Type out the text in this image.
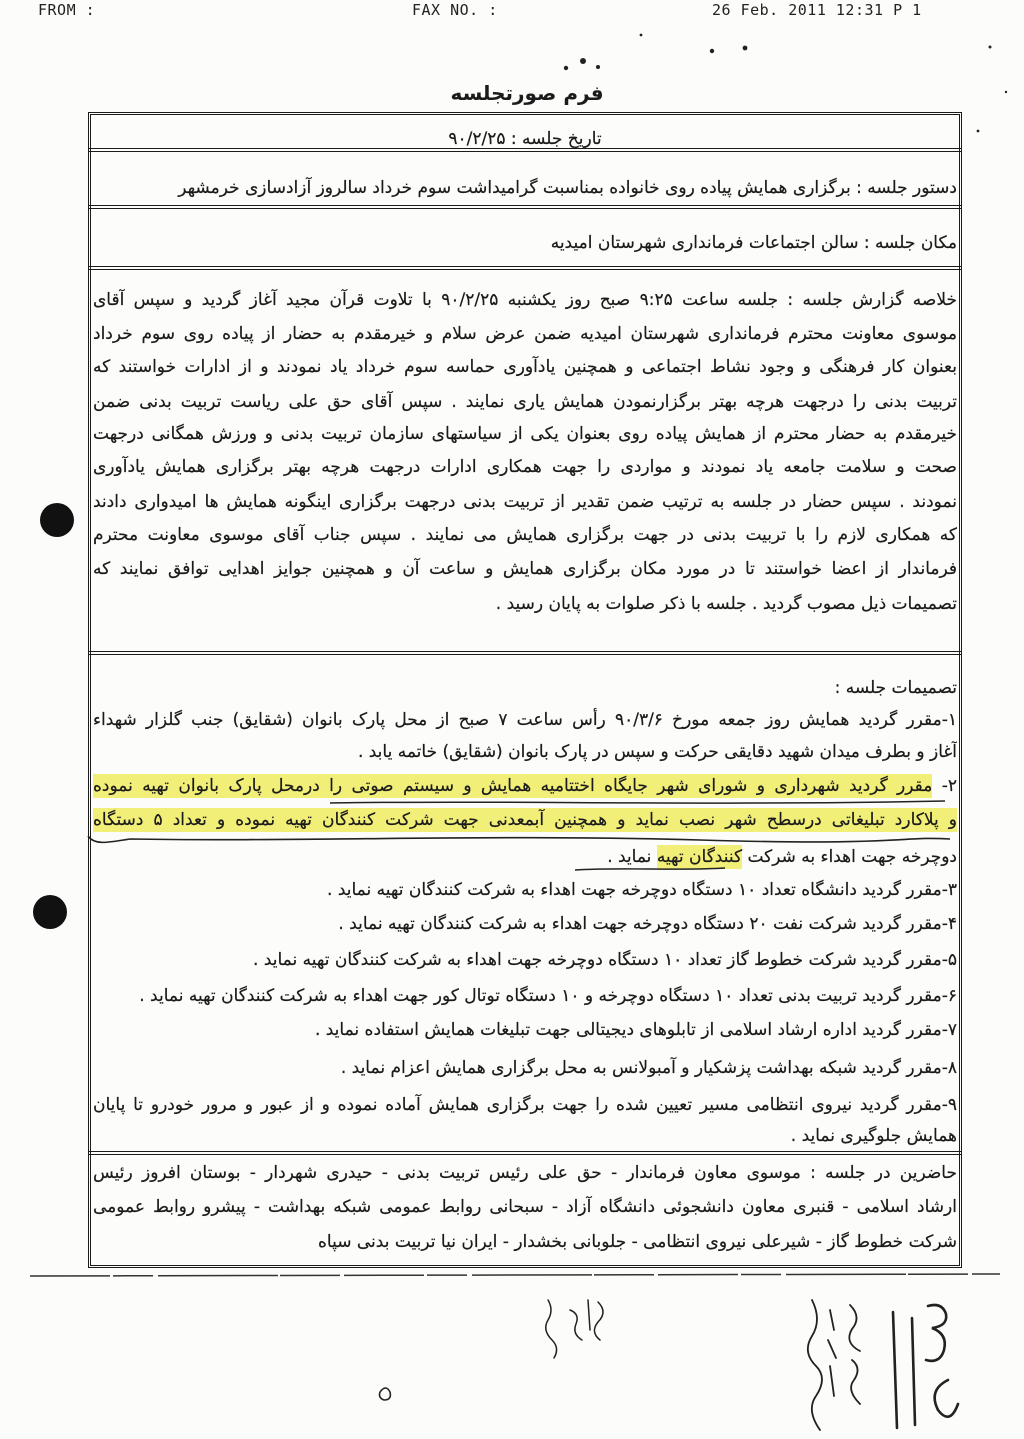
FROM :	FAX NO. :	26 Feb. 2011 12:31 P 1
فرم صورتجلسه
تاریخ جلسه : ۹۰/۲/۲۵
دستور جلسه : برگزاری همایش پیاده روی خانواده بمناسبت گرامیداشت سوم خرداد سالروز آزادسازی خرمشهر
مکان جلسه : سالن اجتماعات فرمانداری شهرستان امیدیه
خلاصه گزارش جلسه : جلسه ساعت ۹:۲۵ صبح روز یکشنبه ۹۰/۲/۲۵ با تلاوت قرآن مجید آغاز گردید و سپس آقای
موسوی معاونت محترم فرمانداری شهرستان امیدیه ضمن عرض سلام و خیرمقدم به حضار از پیاده روی سوم خرداد
بعنوان کار فرهنگی و وجود نشاط اجتماعی و همچنین یادآوری حماسه سوم خرداد یاد نمودند و از ادارات خواستند که
تربیت بدنی را درجهت هرچه بهتر برگزارنمودن همایش یاری نمایند . سپس آقای حق علی ریاست تربیت بدنی ضمن
خیرمقدم به حضار محترم از همایش پیاده روی بعنوان یکی از سیاستهای سازمان تربیت بدنی و ورزش همگانی درجهت
صحت و سلامت جامعه یاد نمودند و مواردی را جهت همکاری ادارات درجهت هرچه بهتر برگزاری همایش یادآوری
نمودند . سپس حضار در جلسه به ترتیب ضمن تقدیر از تربیت بدنی درجهت برگزاری اینگونه همایش ها امیدواری دادند
که همکاری لازم را با تربیت بدنی در جهت برگزاری همایش می نمایند . سپس جناب آقای موسوی معاونت محترم
فرماندار از اعضا خواستند تا در مورد مکان برگزاری همایش و ساعت آن و همچنین جوایز اهدایی توافق نمایند که
تصمیمات ذیل مصوب گردید . جلسه با ذکر صلوات به پایان رسید .
تصمیمات جلسه :
۱-مقرر گردید همایش روز جمعه مورخ ۹۰/۳/۶ رأس ساعت ۷ صبح از محل پارک بانوان (شقایق) جنب گلزار شهداء
آغاز و بطرف میدان شهید دقایقی حرکت و سپس در پارک بانوان (شقایق) خاتمه یابد .
۲- مقرر گردید شهرداری و شورای شهر جایگاه اختتامیه همایش و سیستم صوتی را درمحل پارک بانوان تهیه نموده
و پلاکارد تبلیغاتی درسطح شهر نصب نماید و همچنین آبمعدنی جهت شرکت کنندگان تهیه نموده و تعداد ۵ دستگاه
دوچرخه جهت اهداء به شرکت کنندگان تهیه نماید .
۳-مقرر گردید دانشگاه تعداد ۱۰ دستگاه دوچرخه جهت اهداء به شرکت کنندگان تهیه نماید .
۴-مقرر گردید شرکت نفت ۲۰ دستگاه دوچرخه جهت اهداء به شرکت کنندگان تهیه نماید .
۵-مقرر گردید شرکت خطوط گاز تعداد ۱۰ دستگاه دوچرخه جهت اهداء به شرکت کنندگان تهیه نماید .
۶-مقرر گردید تربیت بدنی تعداد ۱۰ دستگاه دوچرخه و ۱۰ دستگاه توتال کور جهت اهداء به شرکت کنندگان تهیه نماید .
۷-مقرر گردید اداره ارشاد اسلامی از تابلوهای دیجیتالی جهت تبلیغات همایش استفاده نماید .
۸-مقرر گردید شبکه بهداشت پزشکیار و آمبولانس به محل برگزاری همایش اعزام نماید .
۹-مقرر گردید نیروی انتظامی مسیر تعیین شده را جهت برگزاری همایش آماده نموده و از عبور و مرور خودرو تا پایان
همایش جلوگیری نماید .
حاضرین در جلسه : موسوی معاون فرماندار - حق علی رئیس تربیت بدنی - حیدری شهردار - بوستان افروز رئیس
ارشاد اسلامی - قنبری معاون دانشجوئی دانشگاه آزاد - سبحانی روابط عمومی شبکه بهداشت - پیشرو روابط عمومی
شرکت خطوط گاز - شیرعلی نیروی انتظامی - جلوبانی بخشدار - ایران نیا تربیت بدنی سپاه
